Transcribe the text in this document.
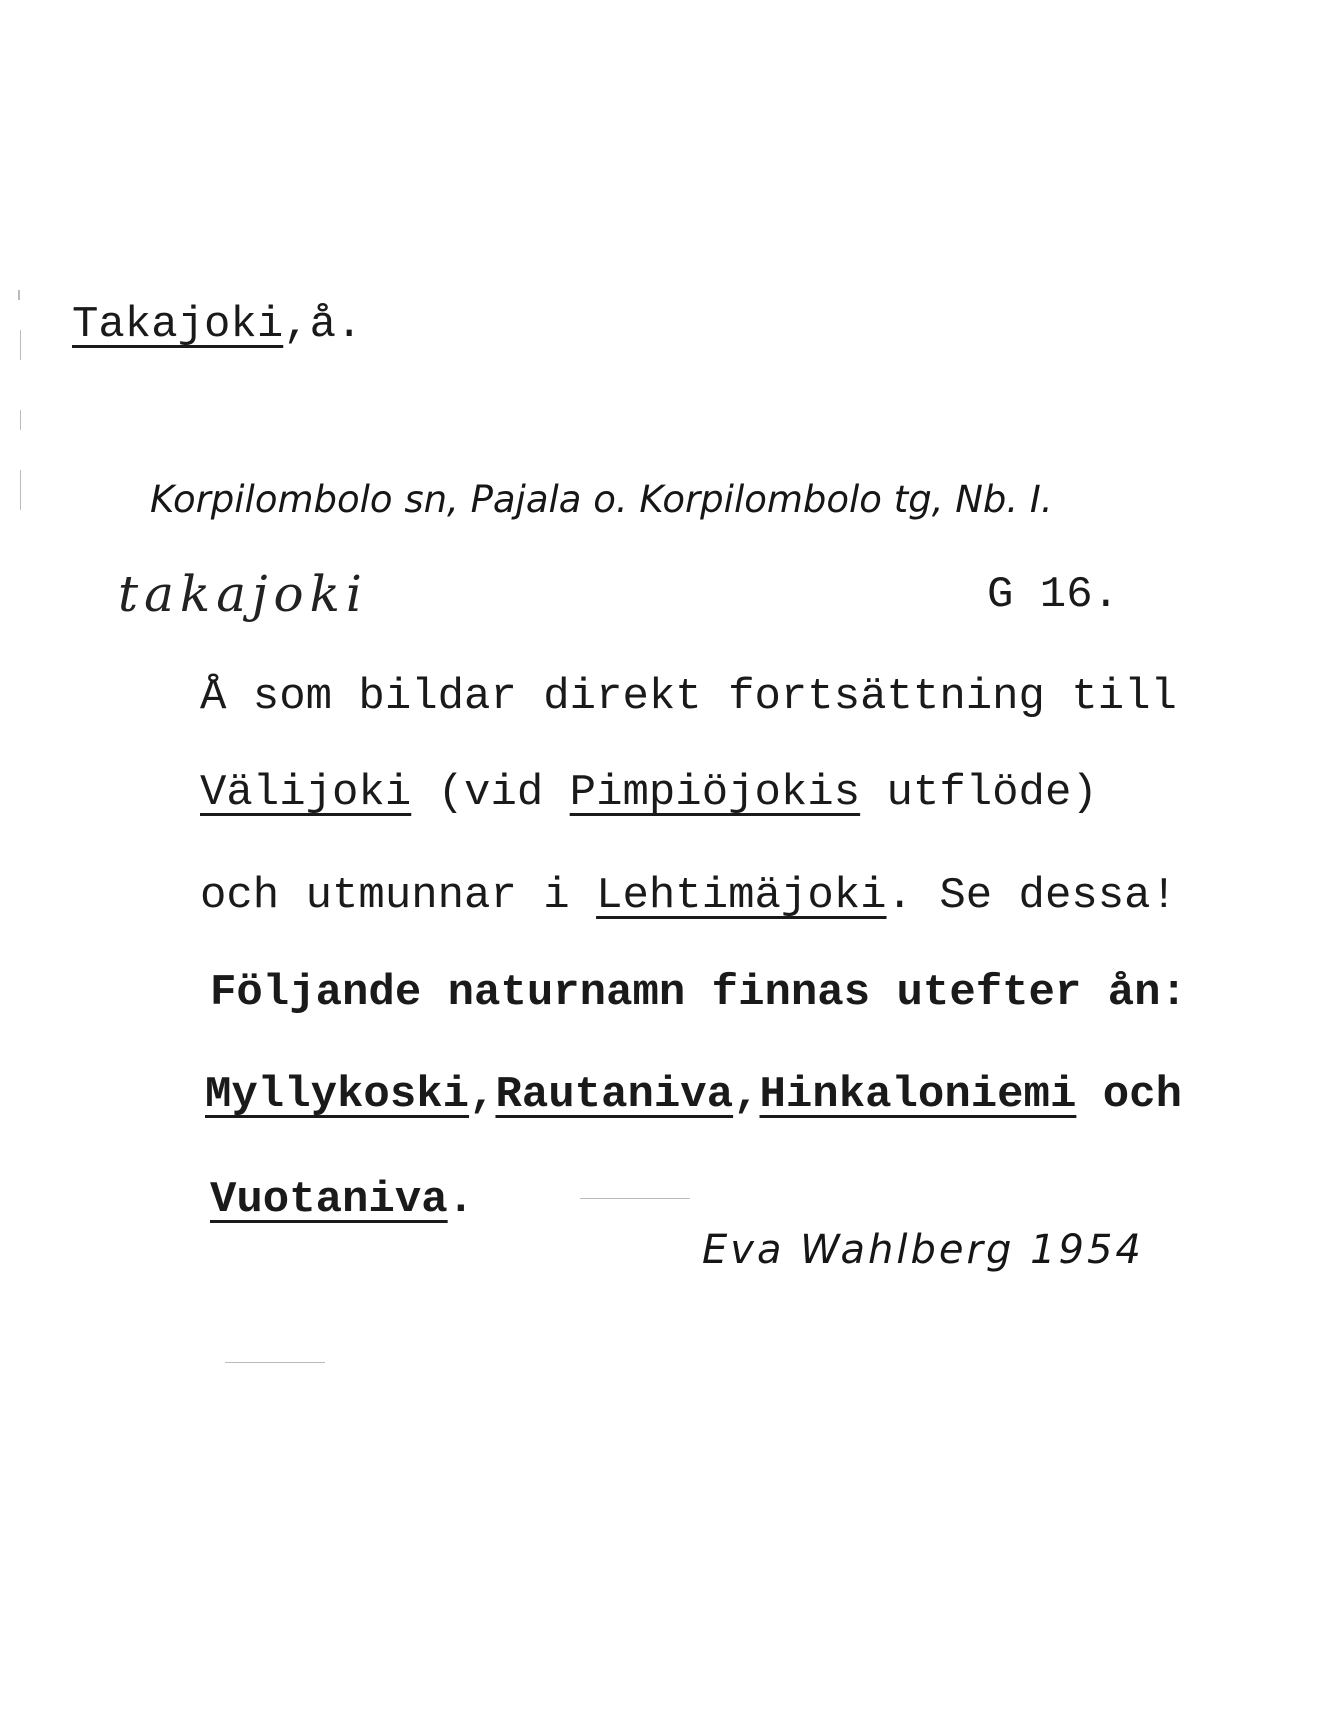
Takajoki,å.
Korpilombolo sn, Pajala o. Korpilombolo tg, Nb. I.
takajoki	G 16.
Å som bildar direkt fortsättning till
Välijoki (vid Pimpiöjokis utflöde)
och utmunnar i Lehtimäjoki. Se dessa!
Följande naturnamn finnas utefter ån:
Myllykoski,Rautaniva,Hinkaloniemi och
Vuotaniva.
Eva Wahlberg 1954
